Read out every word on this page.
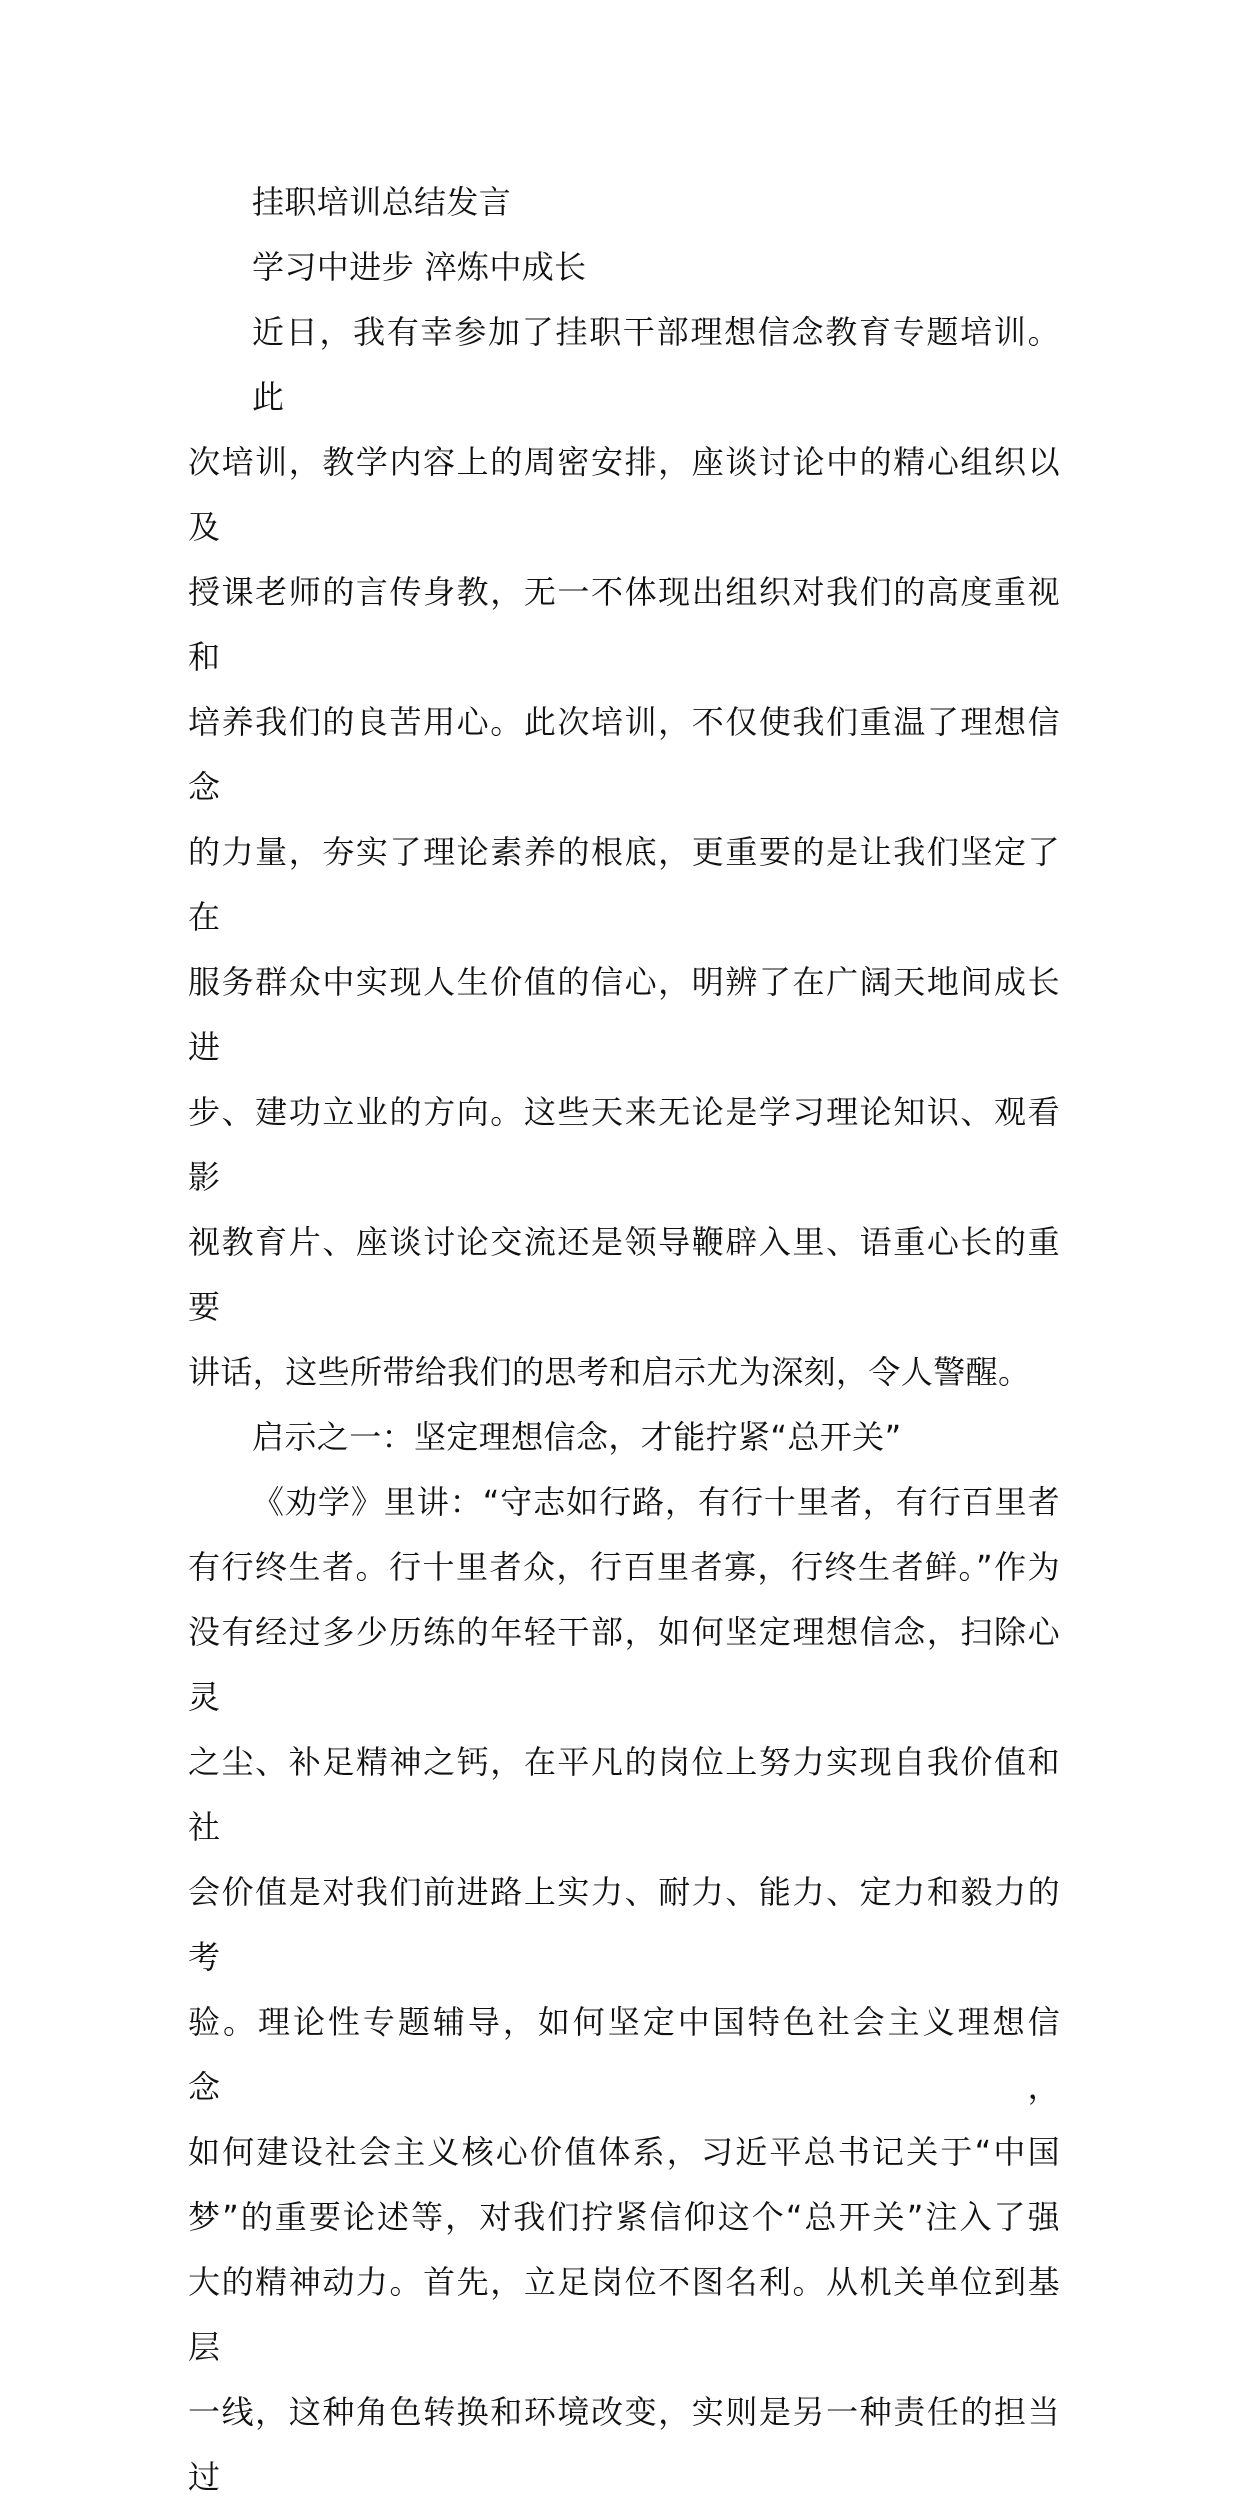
挂职培训总结发言

学习中进步 淬炼中成长

近日，我有幸参加了挂职干部理想信念教育专题培训。此
次培训，教学内容上的周密安排，座谈讨论中的精心组织以及
授课老师的言传身教，无一不体现出组织对我们的高度重视和
培养我们的良苦用心。此次培训，不仅使我们重温了理想信念
的力量，夯实了理论素养的根底，更重要的是让我们坚定了在
服务群众中实现人生价值的信心，明辨了在广阔天地间成长进
步、建功立业的方向。这些天来无论是学习理论知识、观看影
视教育片、座谈讨论交流还是领导鞭辟入里、语重心长的重要
讲话，这些所带给我们的思考和启示尤为深刻，令人警醒。

启示之一：坚定理想信念，才能拧紧“总开关”

《劝学》里讲：“守志如行路，有行十里者，有行百里者
有行终生者。行十里者众，行百里者寡，行终生者鲜。”作为
没有经过多少历练的年轻干部，如何坚定理想信念，扫除心灵
之尘、补足精神之钙，在平凡的岗位上努力实现自我价值和社
会价值是对我们前进路上实力、耐力、能力、定力和毅力的考
验。理论性专题辅导，如何坚定中国特色社会主义理想信念，
如何建设社会主义核心价值体系，习近平总书记关于“中国
梦”的重要论述等，对我们拧紧信仰这个“总开关”注入了强
大的精神动力。首先，立足岗位不图名利。从机关单位到基层
一线，这种角色转换和环境改变，实则是另一种责任的担当过
